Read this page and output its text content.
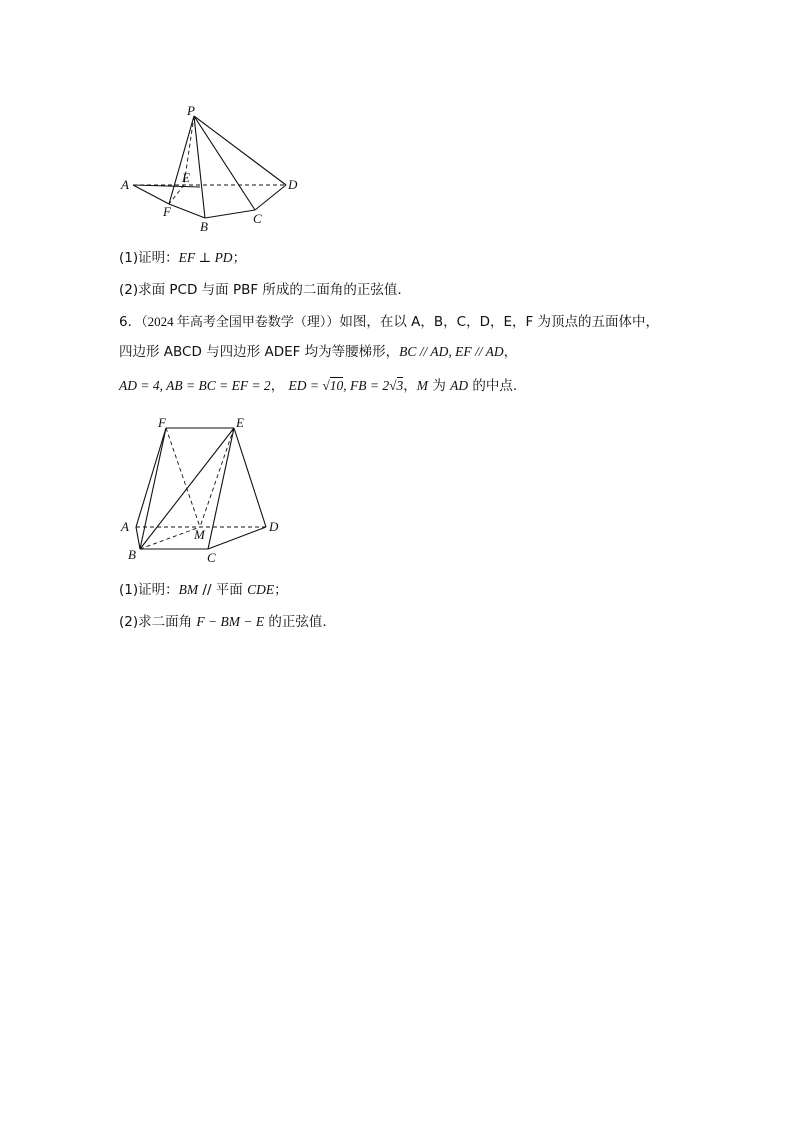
P
A	E	D
F
B
C
(1)证明：EF ⊥ PD；
(2)求面 PCD 与面 PBF 所成的二面角的正弦值.
6．（2024 年高考全国甲卷数学（理））如图，在以 A，B，C，D，E，F 为顶点的五面体中，
四边形 ABCD 与四边形 ADEF 均为等腰梯形，BC // AD, EF // AD，
AD = 4, AB = BC = EF = 2， ED = √10, FB = 2√3，M 为 AD 的中点.
F	E
A	D
M
B	C
(1)证明：BM // 平面 CDE；
(2)求二面角 F − BM − E 的正弦值.
